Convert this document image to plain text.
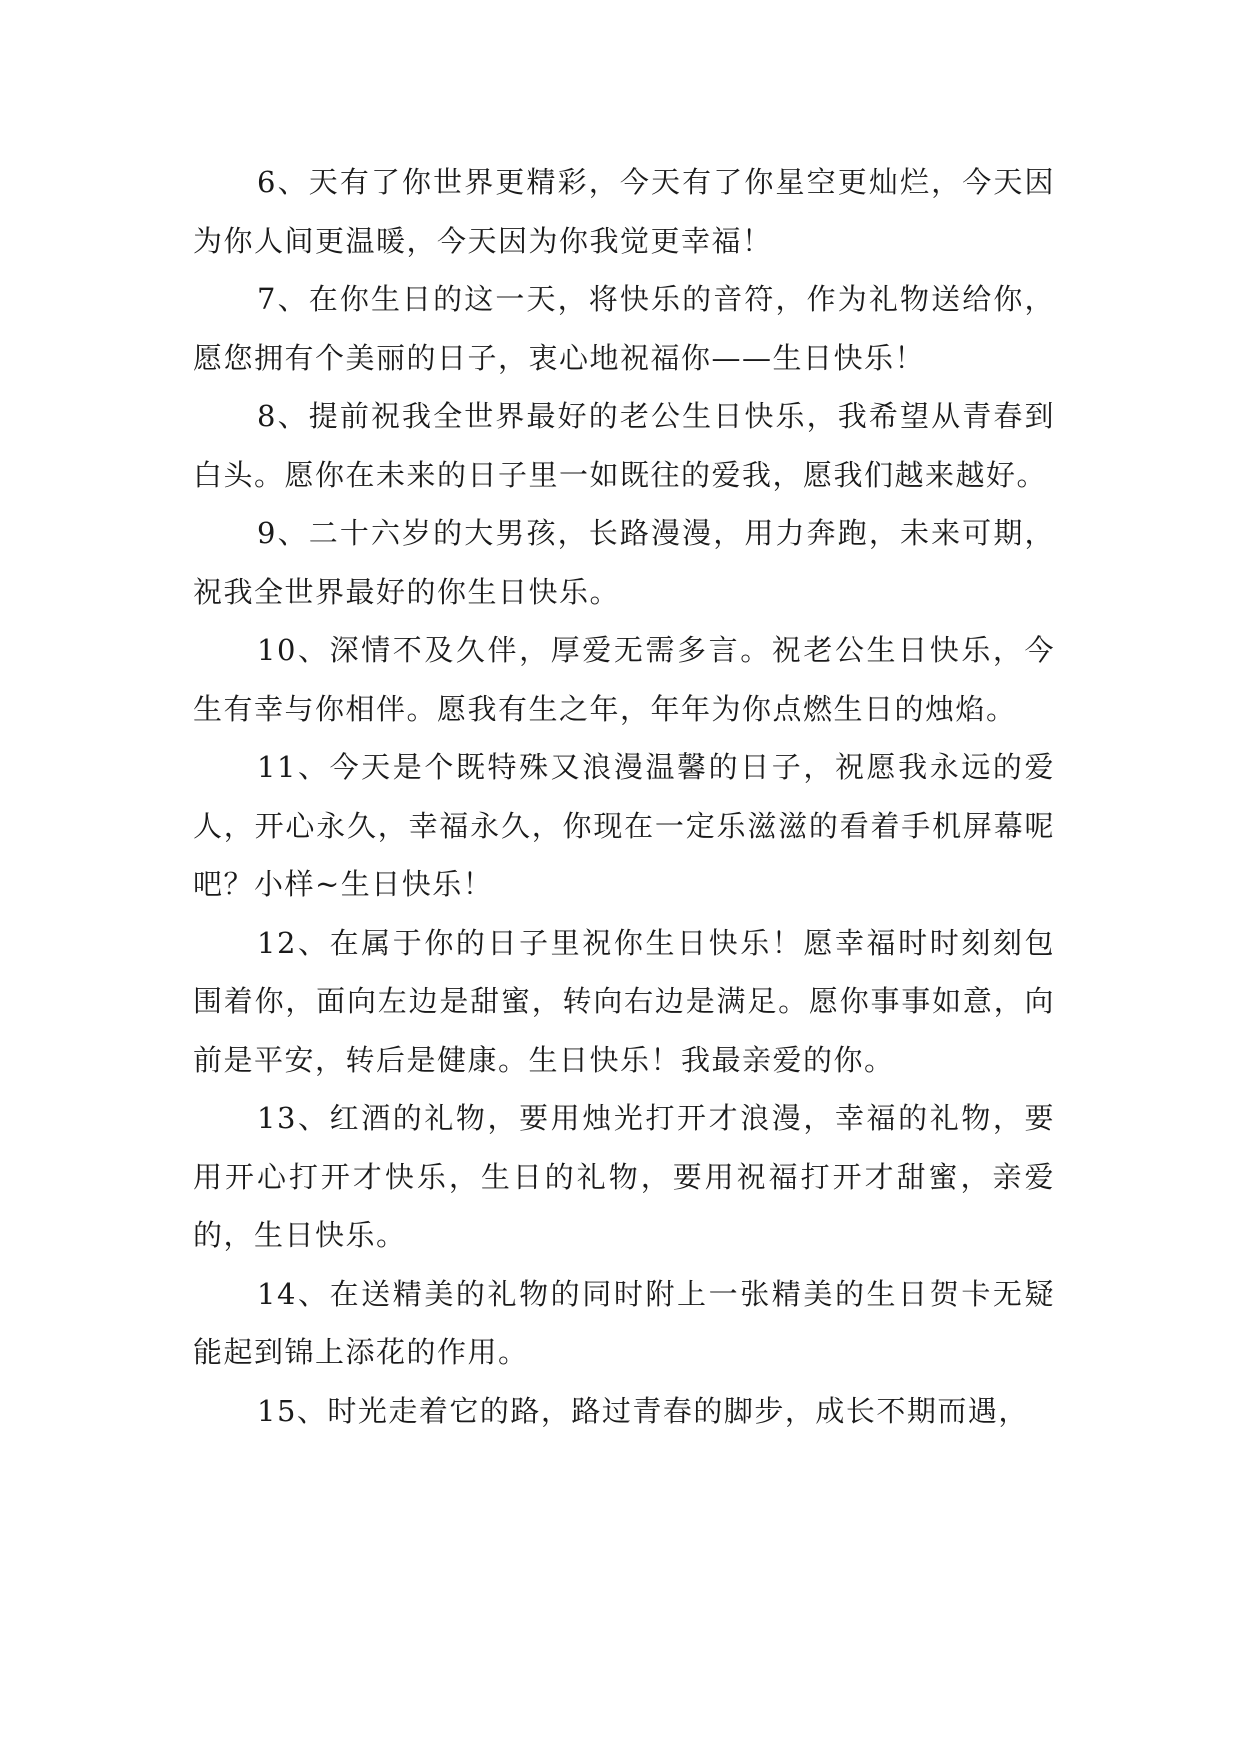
6、天有了你世界更精彩，今天有了你星空更灿烂，今天因为你人间更温暖，今天因为你我觉更幸福！

7、在你生日的这一天，将快乐的音符，作为礼物送给你，愿您拥有个美丽的日子，衷心地祝福你——生日快乐！

8、提前祝我全世界最好的老公生日快乐，我希望从青春到白头。愿你在未来的日子里一如既往的爱我，愿我们越来越好。

9、二十六岁的大男孩，长路漫漫，用力奔跑，未来可期，祝我全世界最好的你生日快乐。

10、深情不及久伴，厚爱无需多言。祝老公生日快乐，今生有幸与你相伴。愿我有生之年，年年为你点燃生日的烛焰。

11、今天是个既特殊又浪漫温馨的日子，祝愿我永远的爱人，开心永久，幸福永久，你现在一定乐滋滋的看着手机屏幕呢吧？小样~生日快乐！

12、在属于你的日子里祝你生日快乐！愿幸福时时刻刻包围着你，面向左边是甜蜜，转向右边是满足。愿你事事如意，向前是平安，转后是健康。生日快乐！我最亲爱的你。

13、红酒的礼物，要用烛光打开才浪漫，幸福的礼物，要用开心打开才快乐，生日的礼物，要用祝福打开才甜蜜，亲爱的，生日快乐。

14、在送精美的礼物的同时附上一张精美的生日贺卡无疑能起到锦上添花的作用。

15、时光走着它的路，路过青春的脚步，成长不期而遇，
